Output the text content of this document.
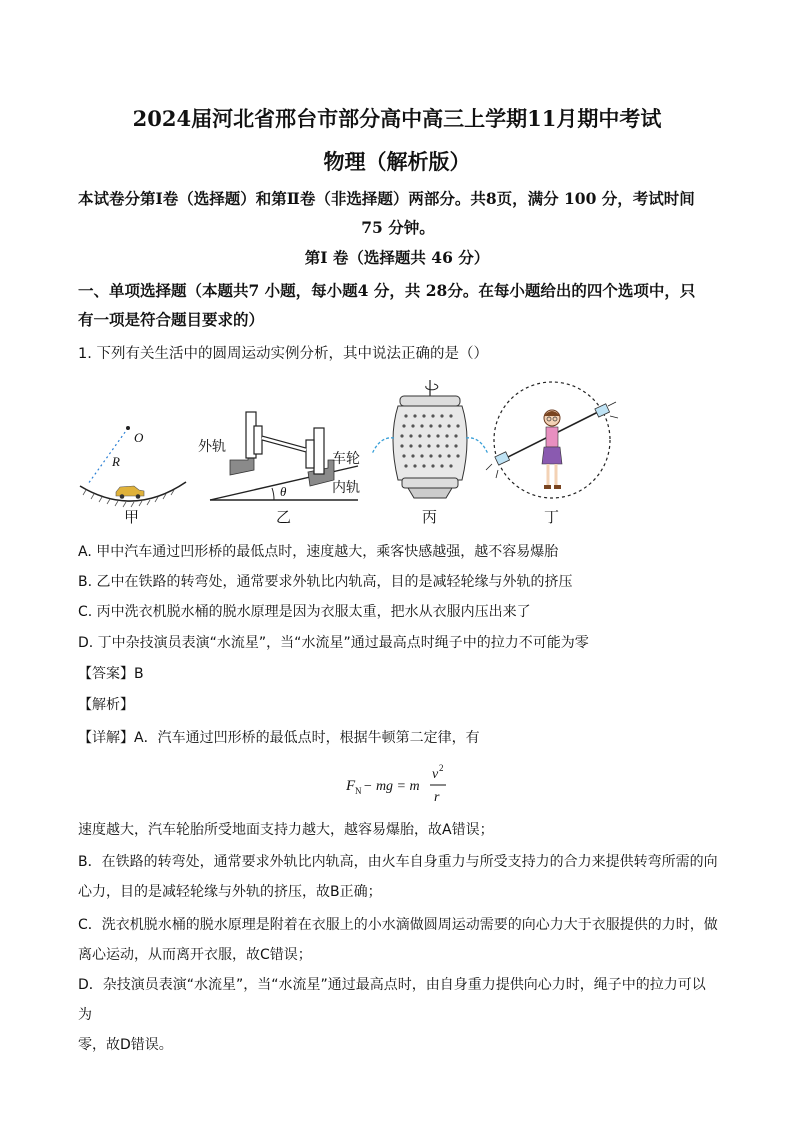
2024届河北省邢台市部分高中高三上学期11月期中考试
物理（解析版）
本试卷分第Ⅰ卷（选择题）和第Ⅱ卷（非选择题）两部分。共8页，满分 100 分，考试时间
75 分钟。
第Ⅰ 卷（选择题共 46 分）
一、单项选择题（本题共7 小题，每小题4 分，共 28分。在每小题给出的四个选项中，只
有一项是符合题目要求的）
1. 下列有关生活中的圆周运动实例分析，其中说法正确的是（）
O
R
甲
θ
外轨
车轮
内轨
乙	丙	丁
A. 甲中汽车通过凹形桥的最低点时，速度越大，乘客快感越强，越不容易爆胎
B. 乙中在铁路的转弯处，通常要求外轨比内轨高，目的是减轻轮缘与外轨的挤压
C. 丙中洗衣机脱水桶的脱水原理是因为衣服太重，把水从衣服内压出来了
D. 丁中杂技演员表演“水流星”，当“水流星”通过最高点时绳子中的拉力不可能为零
【答案】B
【解析】
【详解】A．汽车通过凹形桥的最低点时，根据牛顿第二定律，有
F N − mg = m
v 2
r
速度越大，汽车轮胎所受地面支持力越大，越容易爆胎，故A错误；
B．在铁路的转弯处，通常要求外轨比内轨高，由火车自身重力与所受支持力的合力来提供转弯所需的向
心力，目的是减轻轮缘与外轨的挤压，故B正确；
C．洗衣机脱水桶的脱水原理是附着在衣服上的小水滴做圆周运动需要的向心力大于衣服提供的力时，做
离心运动，从而离开衣服，故C错误；
D．杂技演员表演“水流星”，当“水流星”通过最高点时，由自身重力提供向心力时，绳子中的拉力可以为
零，故D错误。
